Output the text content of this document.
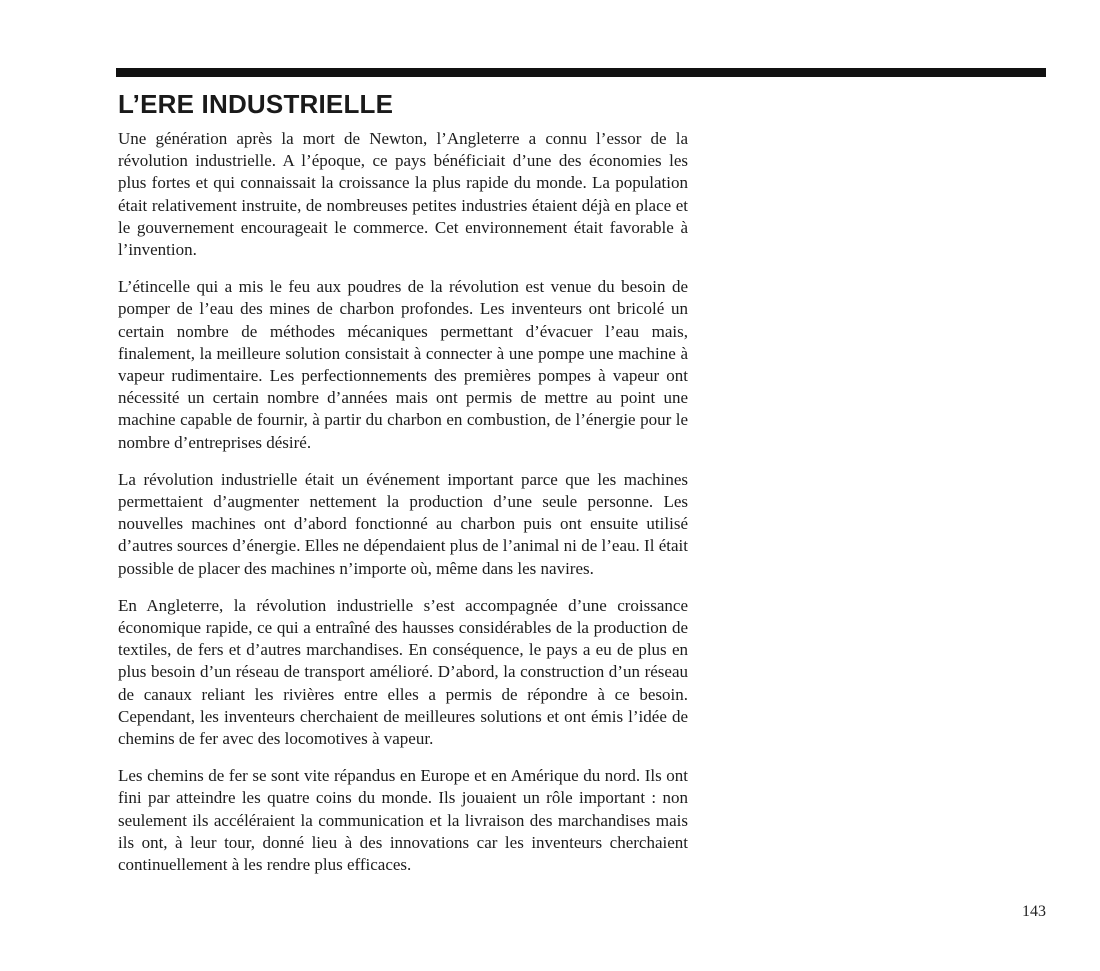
L’ERE INDUSTRIELLE

Une génération après la mort de Newton, l’Angleterre a connu l’essor de la révolution industrielle. A l’époque, ce pays bénéficiait d’une des économies les plus fortes et qui connaissait la croissance la plus rapide du monde. La population était relativement instruite, de nombreuses petites industries étaient déjà en place et le gouvernement encourageait le commerce. Cet environnement était favorable à l’invention.

L’étincelle qui a mis le feu aux poudres de la révolution est venue du besoin de pomper de l’eau des mines de charbon profondes. Les inventeurs ont bricolé un certain nombre de méthodes mécaniques permettant d’évacuer l’eau mais, finalement, la meilleure solution consistait à connecter à une pompe une machine à vapeur rudimentaire. Les perfectionnements des premières pompes à vapeur ont nécessité un certain nombre d’années mais ont permis de mettre au point une machine capable de fournir, à partir du charbon en combustion, de l’énergie pour le nombre d’entreprises désiré.

La révolution industrielle était un événement important parce que les machines permettaient d’augmenter nettement la production d’une seule personne. Les nouvelles machines ont d’abord fonctionné au charbon puis ont ensuite utilisé d’autres sources d’énergie. Elles ne dépendaient plus de l’animal ni de l’eau. Il était possible de placer des machines n’importe où, même dans les navires.

En Angleterre, la révolution industrielle s’est accompagnée d’une croissance économique rapide, ce qui a entraîné des hausses considérables de la production de textiles, de fers et d’autres marchandises. En conséquence, le pays a eu de plus en plus besoin d’un réseau de transport amélioré. D’abord, la construction d’un réseau de canaux reliant les rivières entre elles a permis de répondre à ce besoin. Cependant, les inventeurs cherchaient de meilleures solutions et ont émis l’idée de chemins de fer avec des locomotives à vapeur.

Les chemins de fer se sont vite répandus en Europe et en Amérique du nord. Ils ont fini par atteindre les quatre coins du monde. Ils jouaient un rôle important : non seulement ils accéléraient la communication et la livraison des marchandises mais ils ont, à leur tour, donné lieu à des innovations car les inventeurs cherchaient continuellement à les rendre plus efficaces.

143
